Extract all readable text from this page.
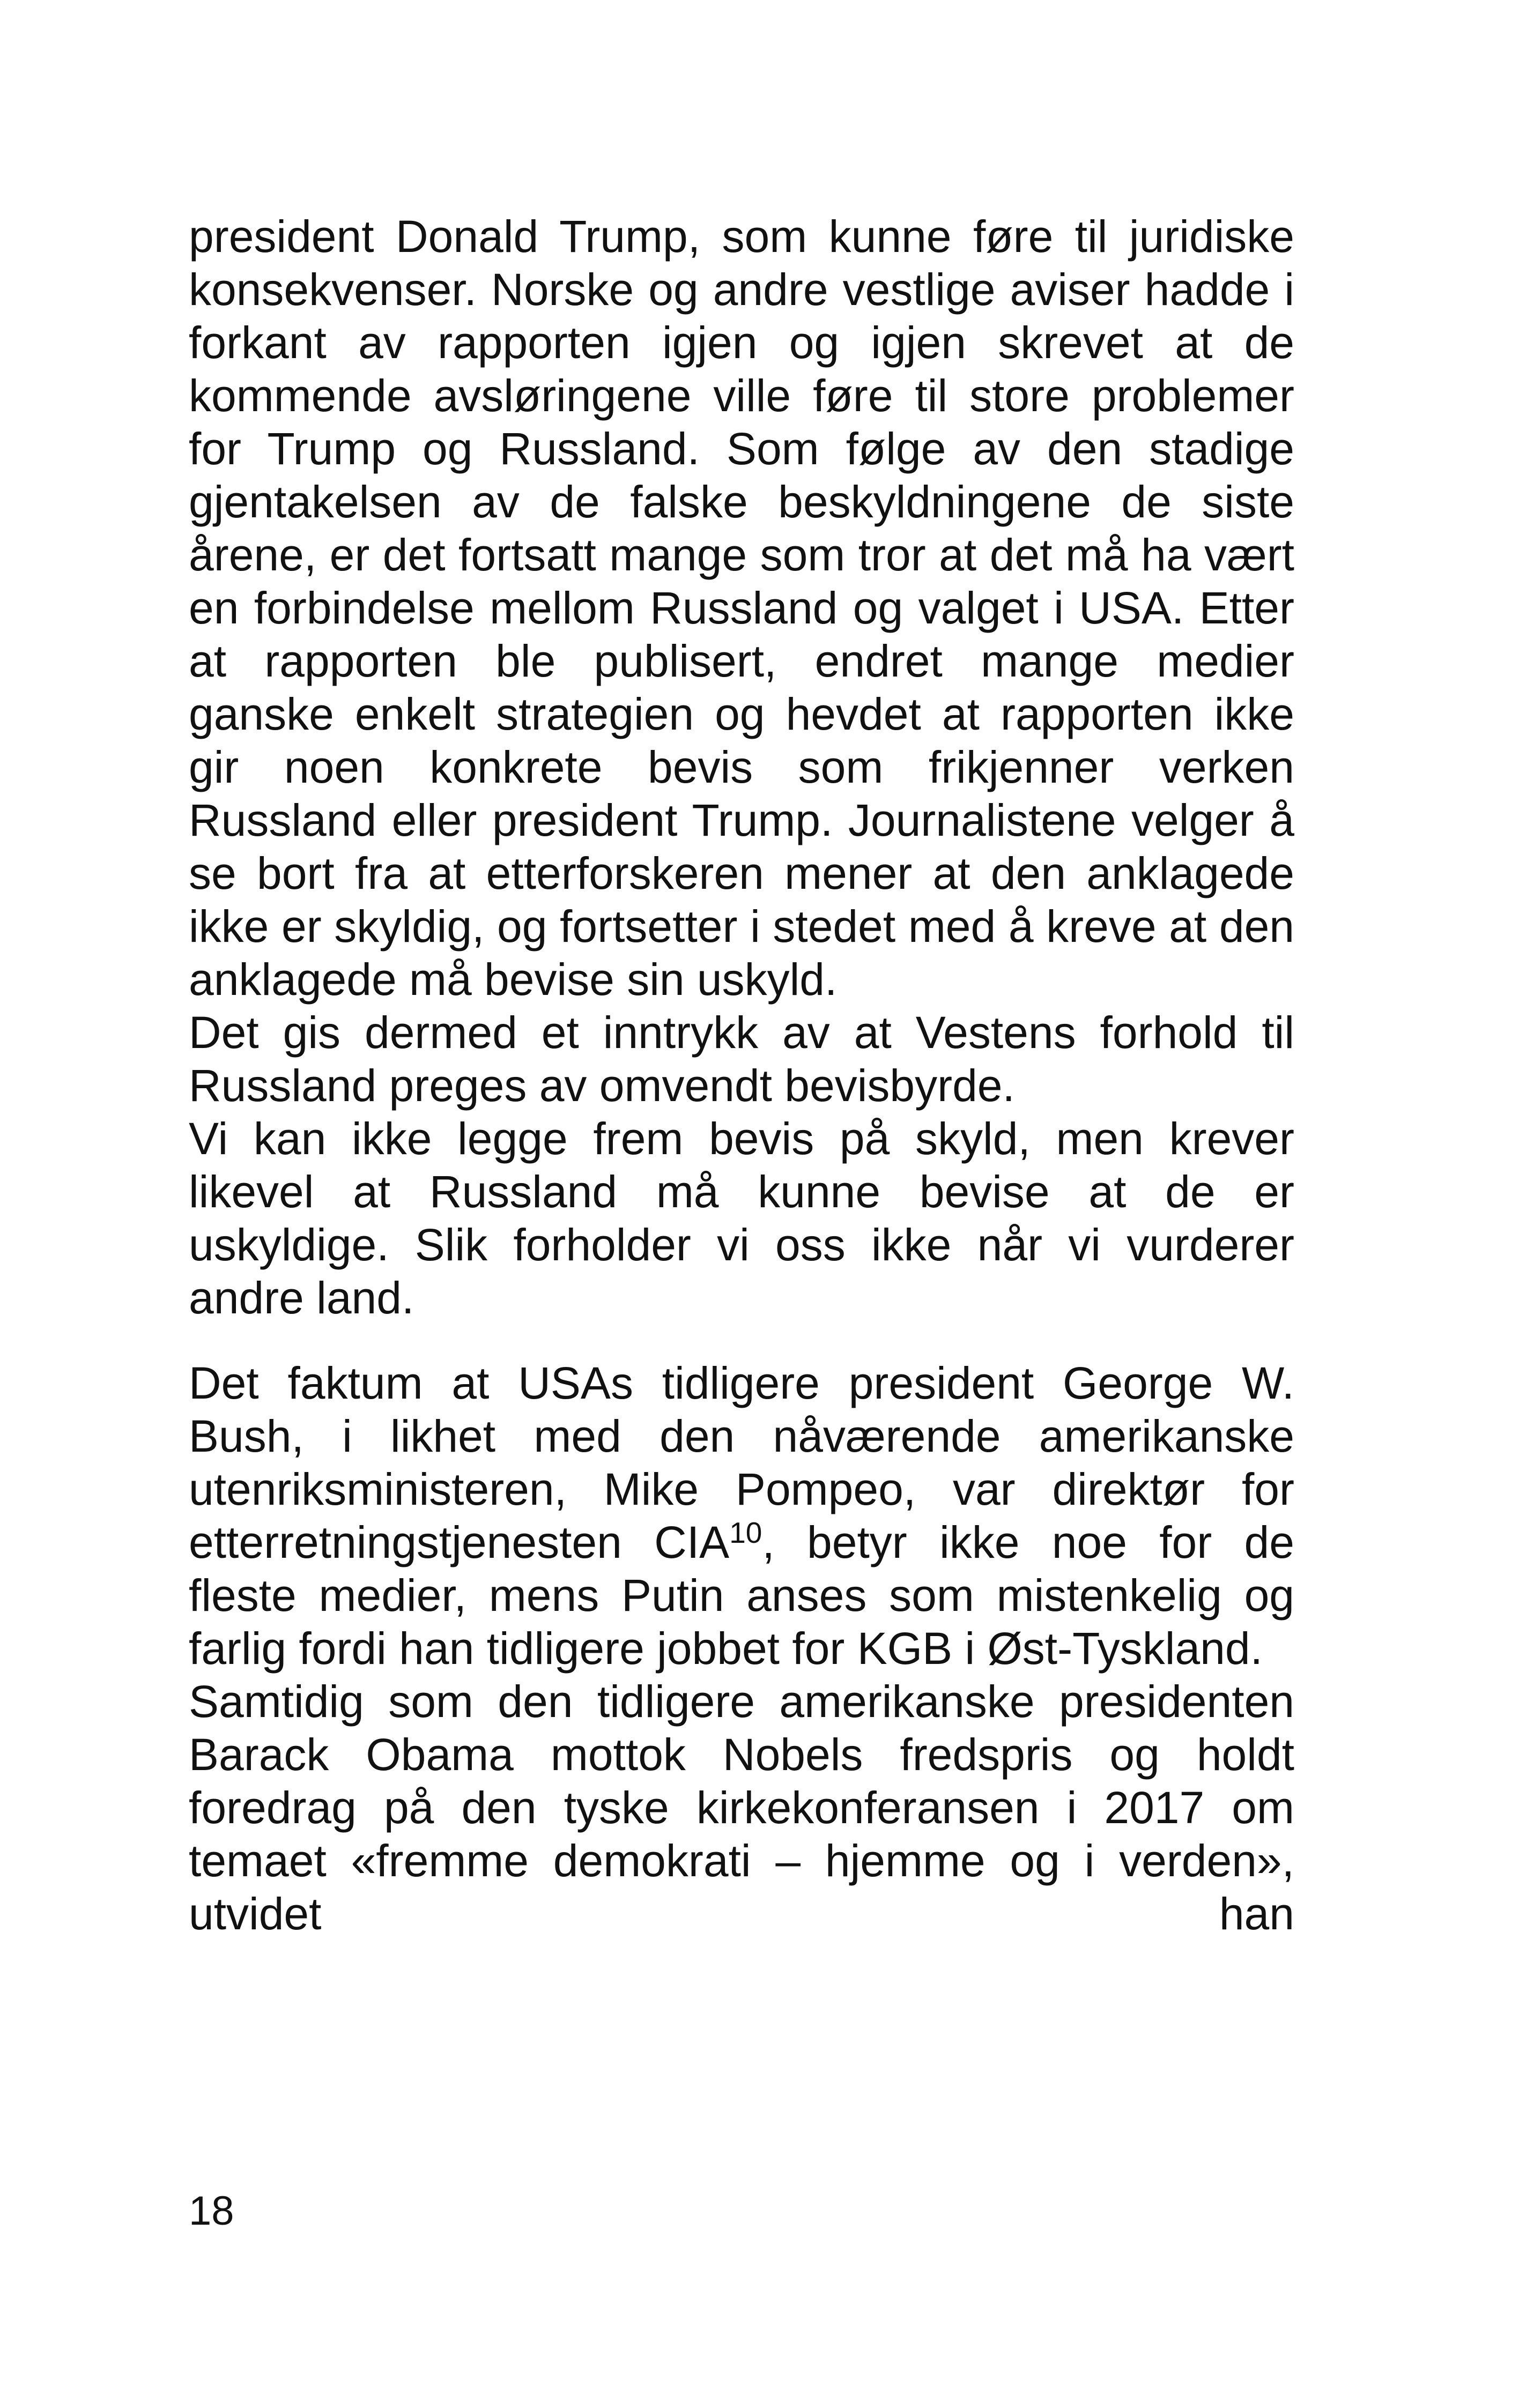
president Donald Trump, som kunne føre til juridiske konsekvenser. Norske og andre vestlige aviser hadde i forkant av rapporten igjen og igjen skrevet at de kommende avsløringene ville føre til store problemer for Trump og Russland. Som følge av den stadige gjentakelsen av de falske beskyldningene de siste årene, er det fortsatt mange som tror at det må ha vært en forbindelse mellom Russland og valget i USA. Etter at rapporten ble publisert, endret mange medier ganske enkelt strategien og hevdet at rapporten ikke gir noen konkrete bevis som frikjenner verken Russland eller president Trump. Journalistene velger å se bort fra at etterforskeren mener at den anklagede ikke er skyldig, og fortsetter i stedet med å kreve at den anklagede må bevise sin uskyld.

Det gis dermed et inntrykk av at Vestens forhold til Russland preges av omvendt bevisbyrde.

Vi kan ikke legge frem bevis på skyld, men krever likevel at Russland må kunne bevise at de er uskyldige. Slik forholder vi oss ikke når vi vurderer andre land.

Det faktum at USAs tidligere president George W. Bush, i likhet med den nåværende amerikanske utenriksministeren, Mike Pompeo, var direktør for etterretningstjenesten CIA$^{10}$, betyr ikke noe for de fleste medier, mens Putin anses som mistenkelig og farlig fordi han tidligere jobbet for KGB i Øst-Tyskland.

Samtidig som den tidligere amerikanske presidenten Barack Obama mottok Nobels fredspris og holdt foredrag på den tyske kirkekonferansen i 2017 om temaet «fremme demokrati – hjemme og i verden», utvidet han

18
